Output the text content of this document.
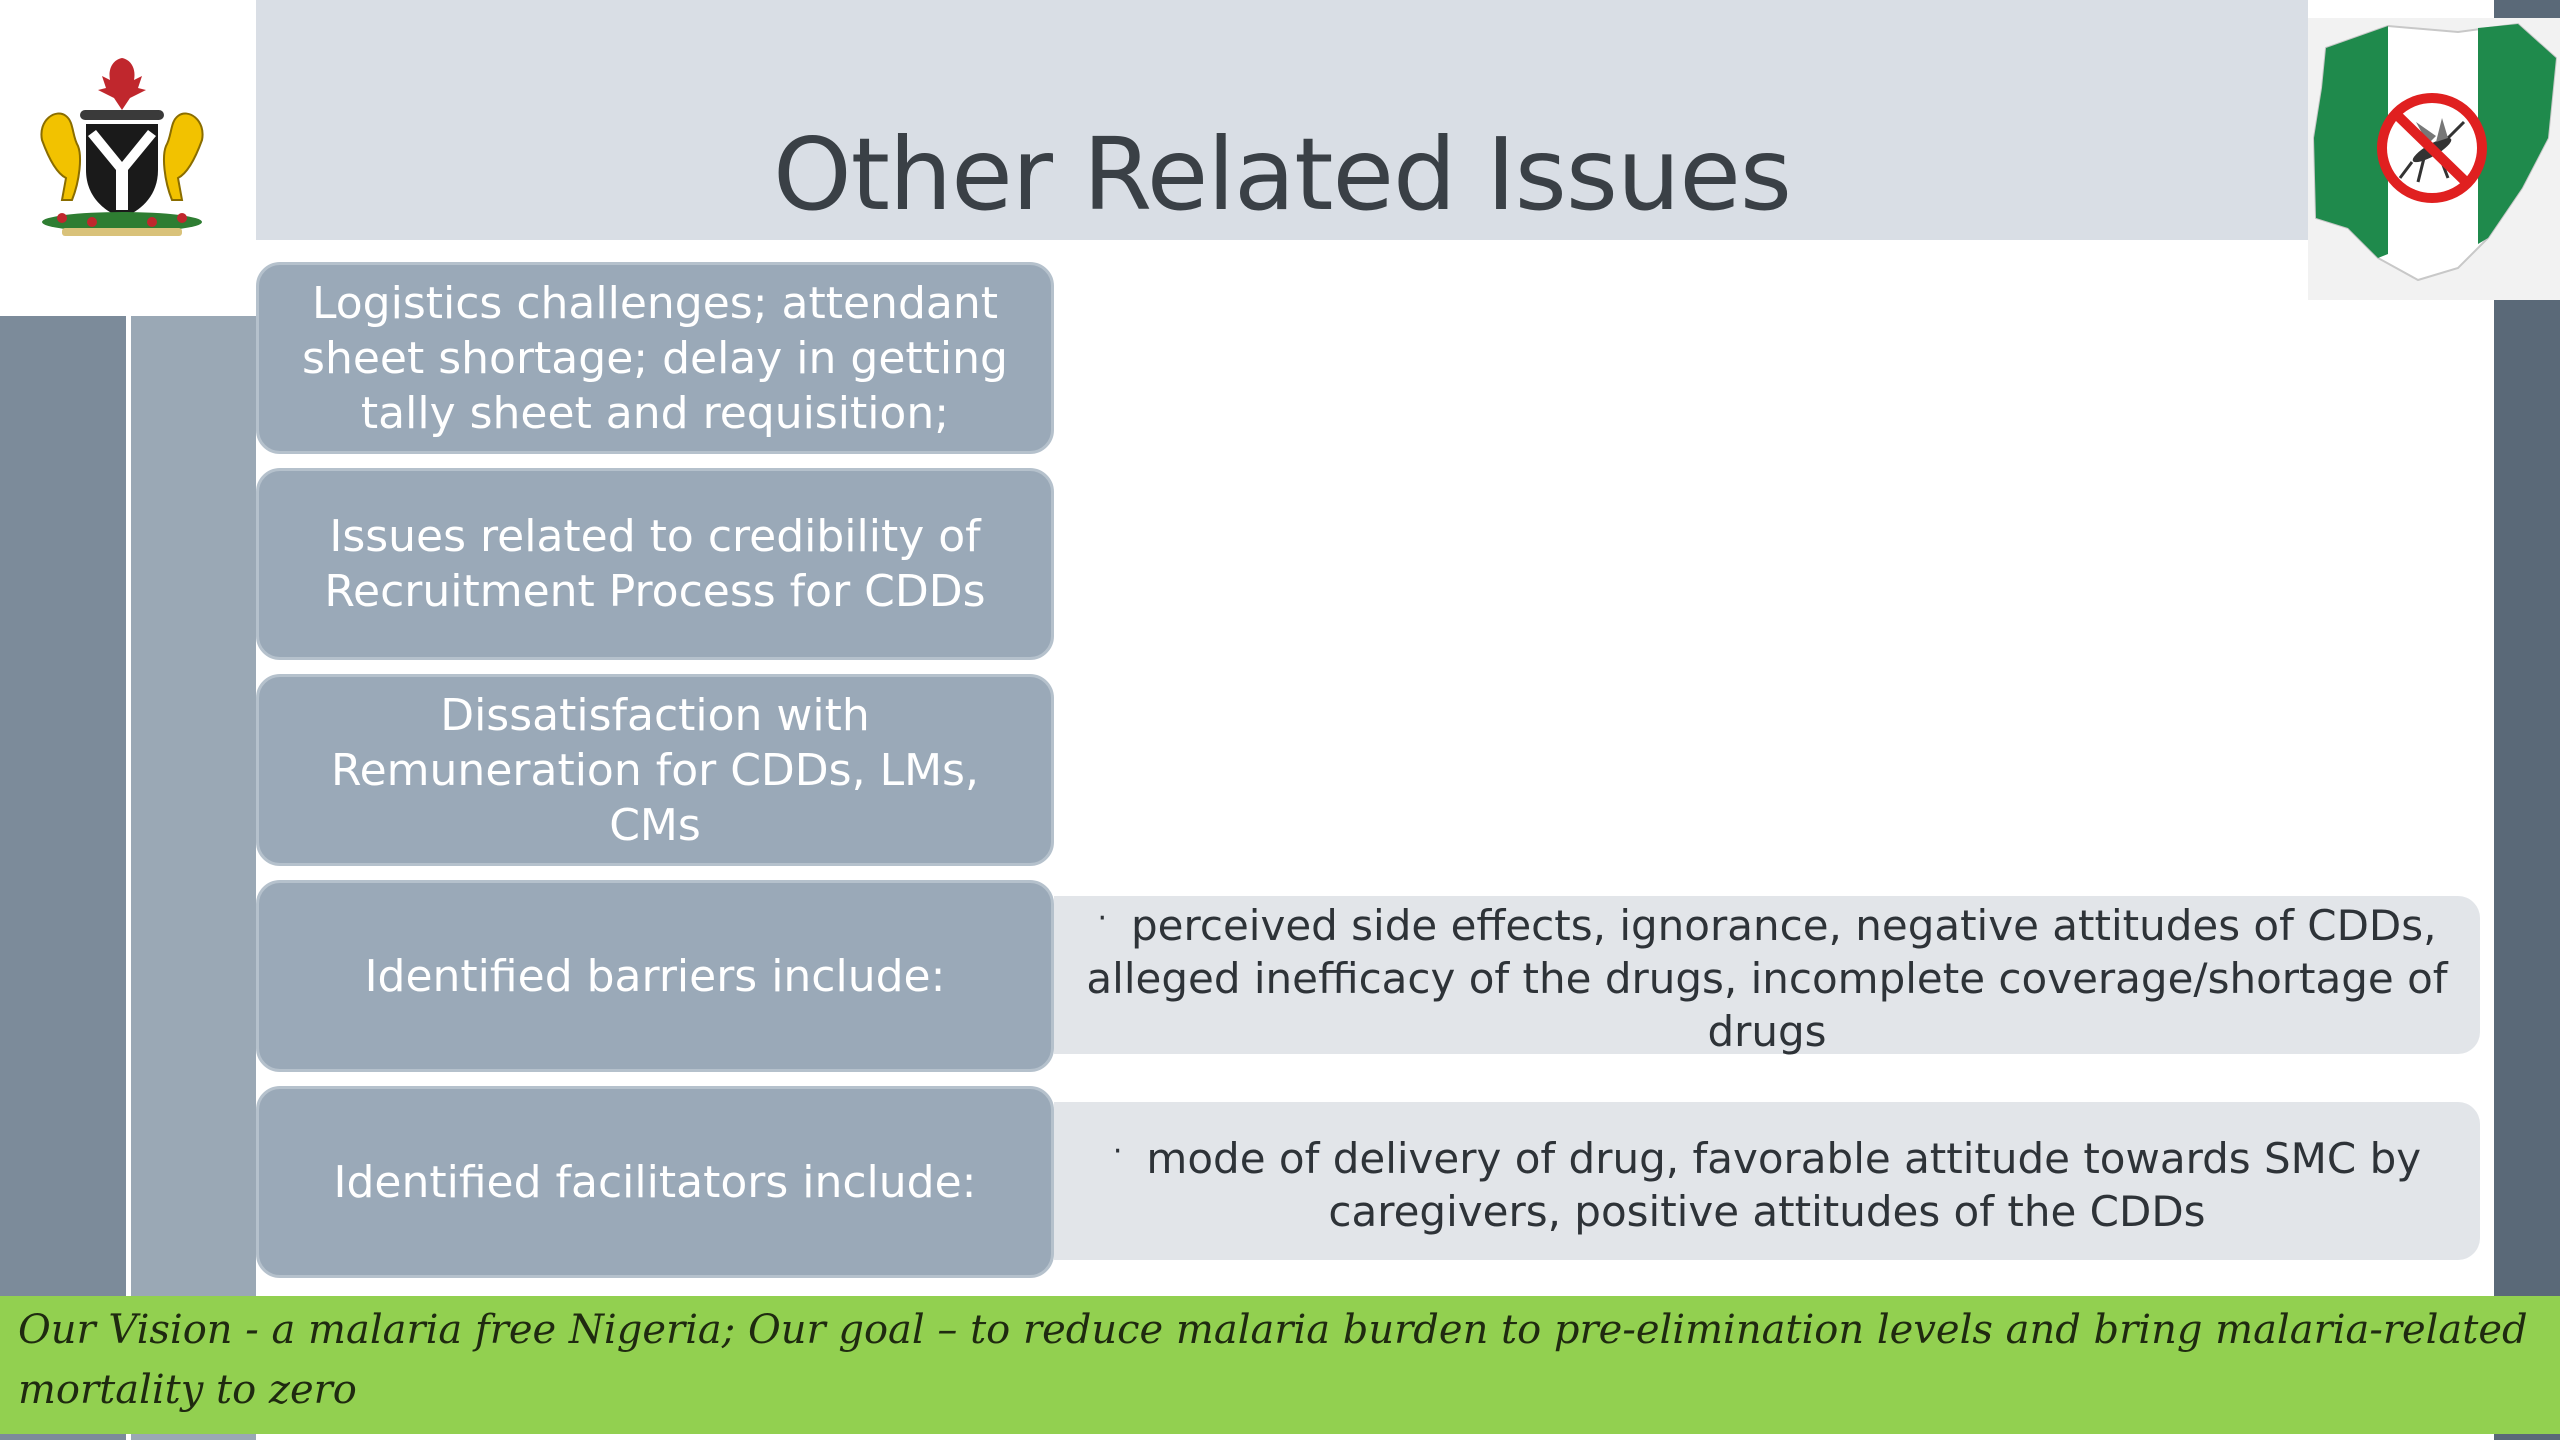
Other Related Issues
Logistics challenges; attendant sheet shortage; delay in getting tally sheet and requisition;
Issues related to credibility of Recruitment Process for CDDs
Dissatisfaction with Remuneration for CDDs, LMs, CMs
Identified barriers include:
· perceived side effects, ignorance, negative attitudes of CDDs, alleged inefficacy of the drugs, incomplete coverage/shortage of drugs
Identified facilitators include:
· mode of delivery of drug, favorable attitude towards SMC by caregivers, positive attitudes of the CDDs
Our Vision - a malaria free Nigeria; Our goal – to reduce malaria burden to pre-elimination levels and bring malaria-related mortality to zero
